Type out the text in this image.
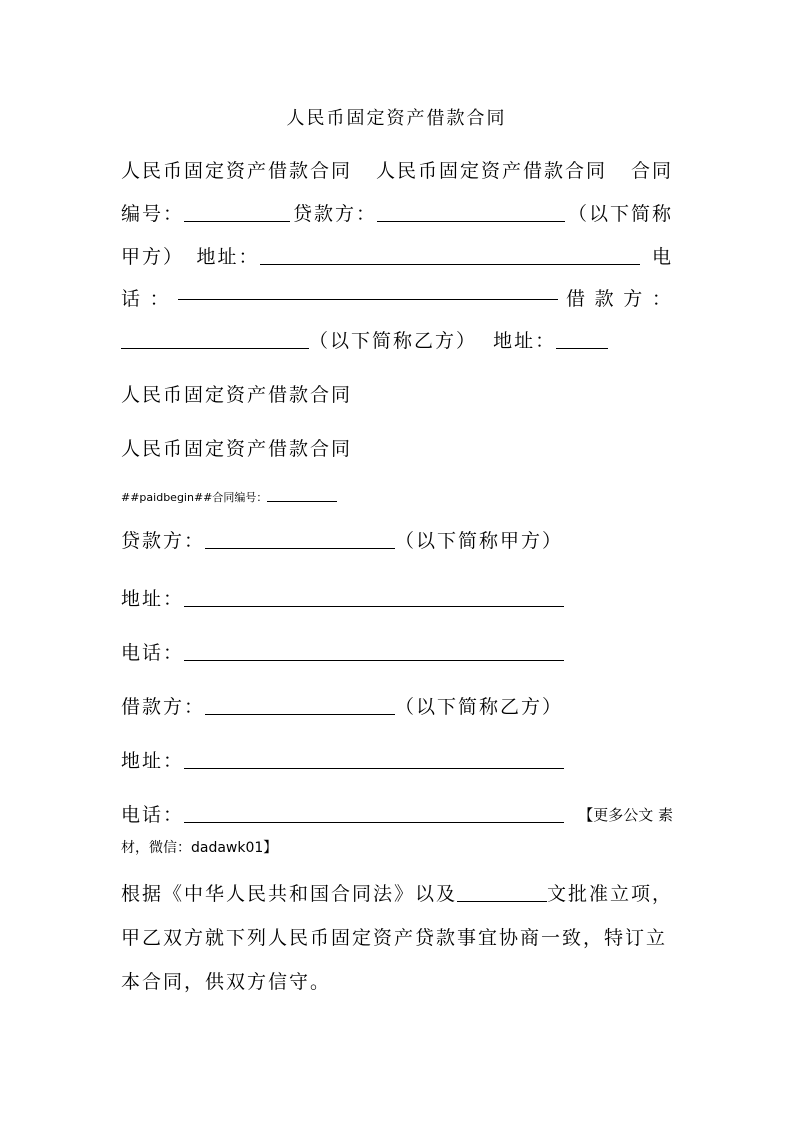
人民币固定资产借款合同
人民币固定资产借款合同 人民币固定资产借款合同 合同
编号：	贷款方：	（以下简称
甲方） 地址：	电
话 ：	借 款 方 ：
（以下简称乙方） 地址：
人民币固定资产借款合同
人民币固定资产借款合同
##paidbegin##合同编号：
贷款方：	（以下简称甲方）
地址：
电话：
借款方：	（以下简称乙方）
地址：
电话：	【更多公文 素
材，微信：dadawk01】
根据《中华人民共和国合同法》以及	文批准立项，
甲乙双方就下列人民币固定资产贷款事宜协商一致，特订立
本合同，供双方信守。
